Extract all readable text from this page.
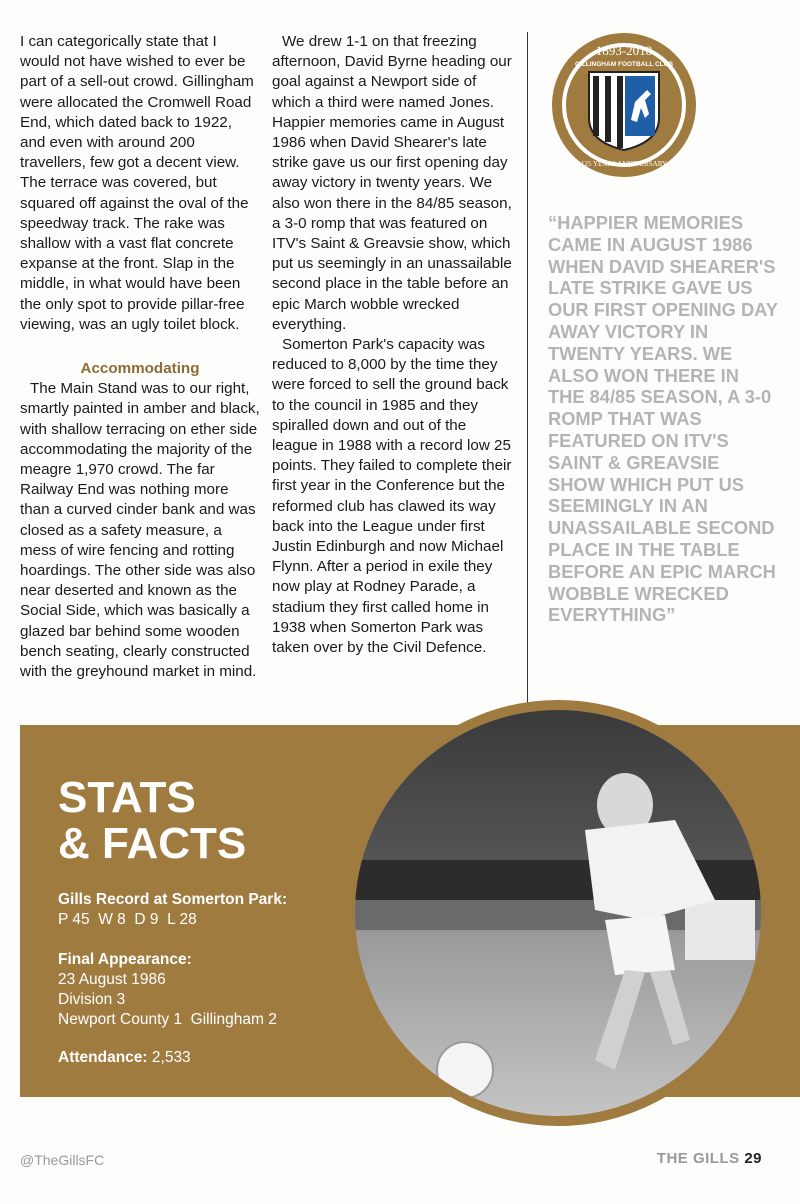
I can categorically state that I would not have wished to ever be part of a sell-out crowd. Gillingham were allocated the Cromwell Road End, which dated back to 1922, and even with around 200 travellers, few got a decent view. The terrace was covered, but squared off against the oval of the speedway track. The rake was shallow with a vast flat concrete expanse at the front. Slap in the middle, in what would have been the only spot to provide pillar-free viewing, was an ugly toilet block.

Accommodating

The Main Stand was to our right, smartly painted in amber and black, with shallow terracing on ether side accommodating the majority of the meagre 1,970 crowd. The far Railway End was nothing more than a curved cinder bank and was closed as a safety measure, a mess of wire fencing and rotting hoardings. The other side was also near deserted and known as the Social Side, which was basically a glazed bar behind some wooden bench seating, clearly constructed with the greyhound market in mind.

We drew 1-1 on that freezing afternoon, David Byrne heading our goal against a Newport side of which a third were named Jones. Happier memories came in August 1986 when David Shearer's late strike gave us our first opening day away victory in twenty years. We also won there in the 84/85 season, a 3-0 romp that was featured on ITV's Saint & Greavsie show, which put us seemingly in an unassailable second place in the table before an epic March wobble wrecked everything.

Somerton Park's capacity was reduced to 8,000 by the time they were forced to sell the ground back to the council in 1985 and they spiralled down and out of the league in 1988 with a record low 25 points. They failed to complete their first year in the Conference but the reformed club has clawed its way back into the League under first Justin Edinburgh and now Michael Flynn. After a period in exile they now play at Rodney Parade, a stadium they first called home in 1938 when Somerton Park was taken over by the Civil Defence.

1893-2018
GILLINGHAM FOOTBALL CLUB
125 YEARS ANNIVERSARY
“HAPPIER MEMORIES CAME IN AUGUST 1986 WHEN DAVID SHEARER'S LATE STRIKE GAVE US OUR FIRST OPENING DAY AWAY VICTORY IN TWENTY YEARS. WE ALSO WON THERE IN THE 84/85 SEASON, A 3-0 ROMP THAT WAS FEATURED ON ITV'S SAINT & GREAVSIE SHOW WHICH PUT US SEEMINGLY IN AN UNASSAILABLE SECOND PLACE IN THE TABLE BEFORE AN EPIC MARCH WOBBLE WRECKED EVERYTHING”
STATS
& FACTS
Gills Record at Somerton Park:
P 45  W 8  D 9  L 28
Final Appearance:
23 August 1986
Division 3
Newport County 1  Gillingham 2
Attendance: 2,533
@TheGillsFC	THE GILLS 29
